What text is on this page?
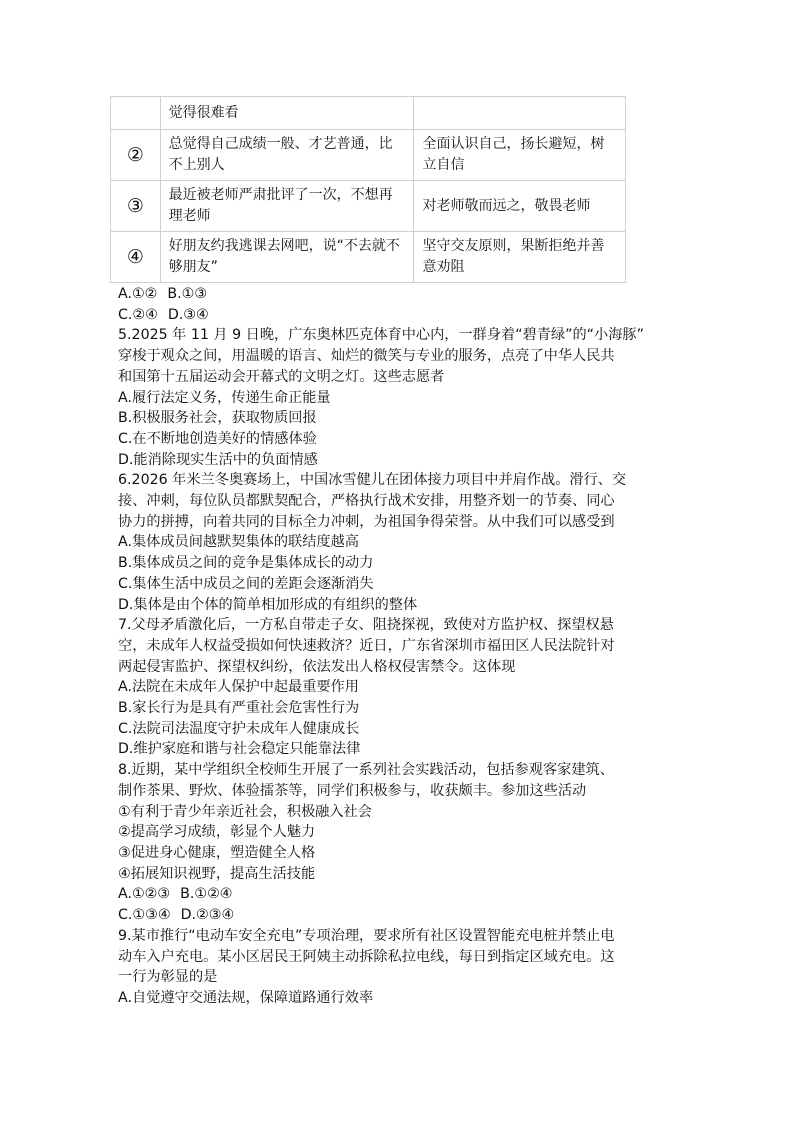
	觉得很难看	
②	总觉得自己成绩一般、才艺普通，比不上别人	全面认识自己，扬长避短，树立自信
③	最近被老师严肃批评了一次，不想再理老师	对老师敬而远之，敬畏老师
④	好朋友约我逃课去网吧，说“不去就不够朋友”	坚守交友原则，果断拒绝并善意劝阻
A.①② B.①③
C.②④ D.③④
5.2025 年 11 月 9 日晚，广东奥林匹克体育中心内，一群身着“碧青绿”的“小海豚”
穿梭于观众之间，用温暖的语言、灿烂的微笑与专业的服务，点亮了中华人民共
和国第十五届运动会开幕式的文明之灯。这些志愿者
A.履行法定义务，传递生命正能量
B.积极服务社会，获取物质回报
C.在不断地创造美好的情感体验
D.能消除现实生活中的负面情感
6.2026 年米兰冬奥赛场上，中国冰雪健儿在团体接力项目中并肩作战。滑行、交
接、冲刺，每位队员都默契配合，严格执行战术安排，用整齐划一的节奏、同心
协力的拼搏，向着共同的目标全力冲刺，为祖国争得荣誉。从中我们可以感受到
A.集体成员间越默契集体的联结度越高
B.集体成员之间的竞争是集体成长的动力
C.集体生活中成员之间的差距会逐渐消失
D.集体是由个体的简单相加形成的有组织的整体
7.父母矛盾激化后，一方私自带走子女、阻挠探视，致使对方监护权、探望权悬
空，未成年人权益受损如何快速救济？近日，广东省深圳市福田区人民法院针对
两起侵害监护、探望权纠纷，依法发出人格权侵害禁令。这体现
A.法院在未成年人保护中起最重要作用
B.家长行为是具有严重社会危害性行为
C.法院司法温度守护未成年人健康成长
D.维护家庭和谐与社会稳定只能靠法律
8.近期，某中学组织全校师生开展了一系列社会实践活动，包括参观客家建筑、
制作茶果、野炊、体验擂茶等，同学们积极参与，收获颇丰。参加这些活动
①有利于青少年亲近社会，积极融入社会
②提高学习成绩，彰显个人魅力
③促进身心健康，塑造健全人格
④拓展知识视野，提高生活技能
A.①②③ B.①②④
C.①③④ D.②③④
9.某市推行“电动车安全充电”专项治理，要求所有社区设置智能充电桩并禁止电
动车入户充电。某小区居民王阿姨主动拆除私拉电线，每日到指定区域充电。这
一行为彰显的是
A.自觉遵守交通法规，保障道路通行效率
